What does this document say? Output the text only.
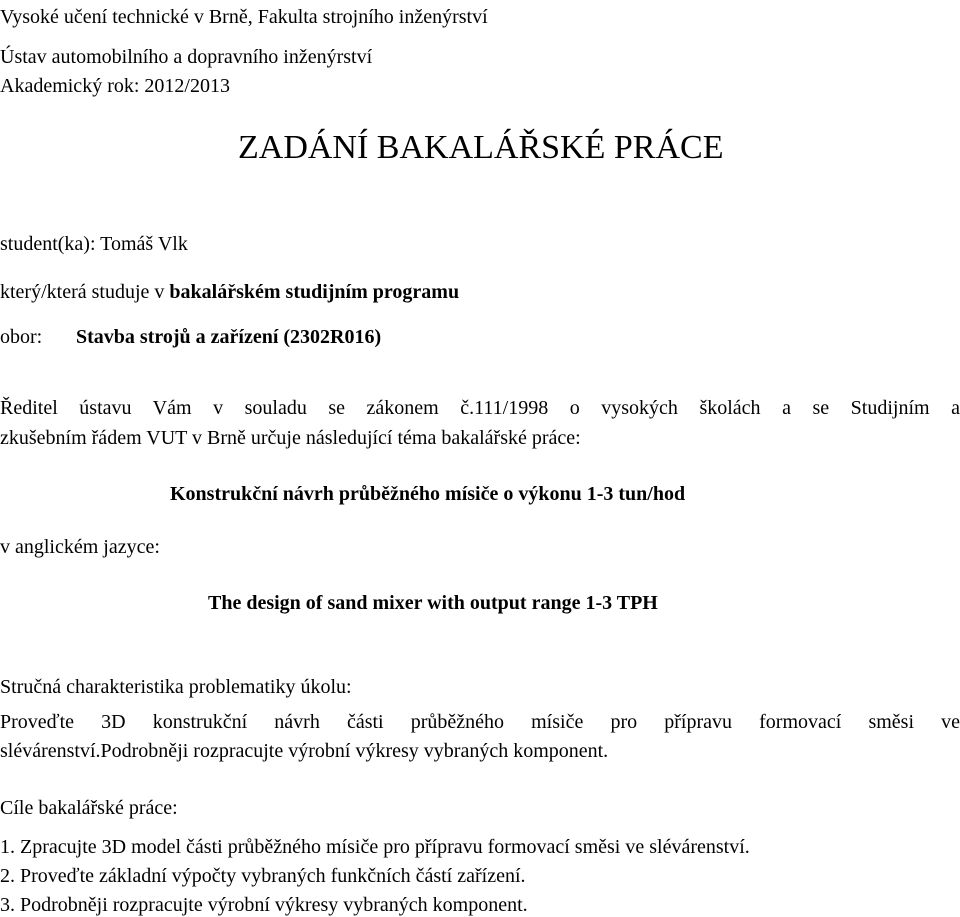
Vysoké učení technické v Brně, Fakulta strojního inženýrství
Ústav automobilního a dopravního inženýrství
Akademický rok: 2012/2013
ZADÁNÍ BAKALÁŘSKÉ PRÁCE
student(ka): Tomáš Vlk
který/která studuje v bakalářském studijním programu
obor: Stavba strojů a zařízení (2302R016)
Ředitel ústavu Vám v souladu se zákonem č.111/1998 o vysokých školách a se Studijním a
zkušebním řádem VUT v Brně určuje následující téma bakalářské práce:
Konstrukční návrh průběžného mísiče o výkonu 1-3 tun/hod
v anglickém jazyce:
The design of sand mixer with output range 1-3 TPH
Stručná charakteristika problematiky úkolu:
Proveďte 3D konstrukční návrh části průběžného mísiče pro přípravu formovací směsi ve
slévárenství.Podrobněji rozpracujte výrobní výkresy vybraných komponent.
Cíle bakalářské práce:
1. Zpracujte 3D model části průběžného mísiče pro přípravu formovací směsi ve slévárenství.
2. Proveďte základní výpočty vybraných funkčních částí zařízení.
3. Podrobněji rozpracujte výrobní výkresy vybraných komponent.
